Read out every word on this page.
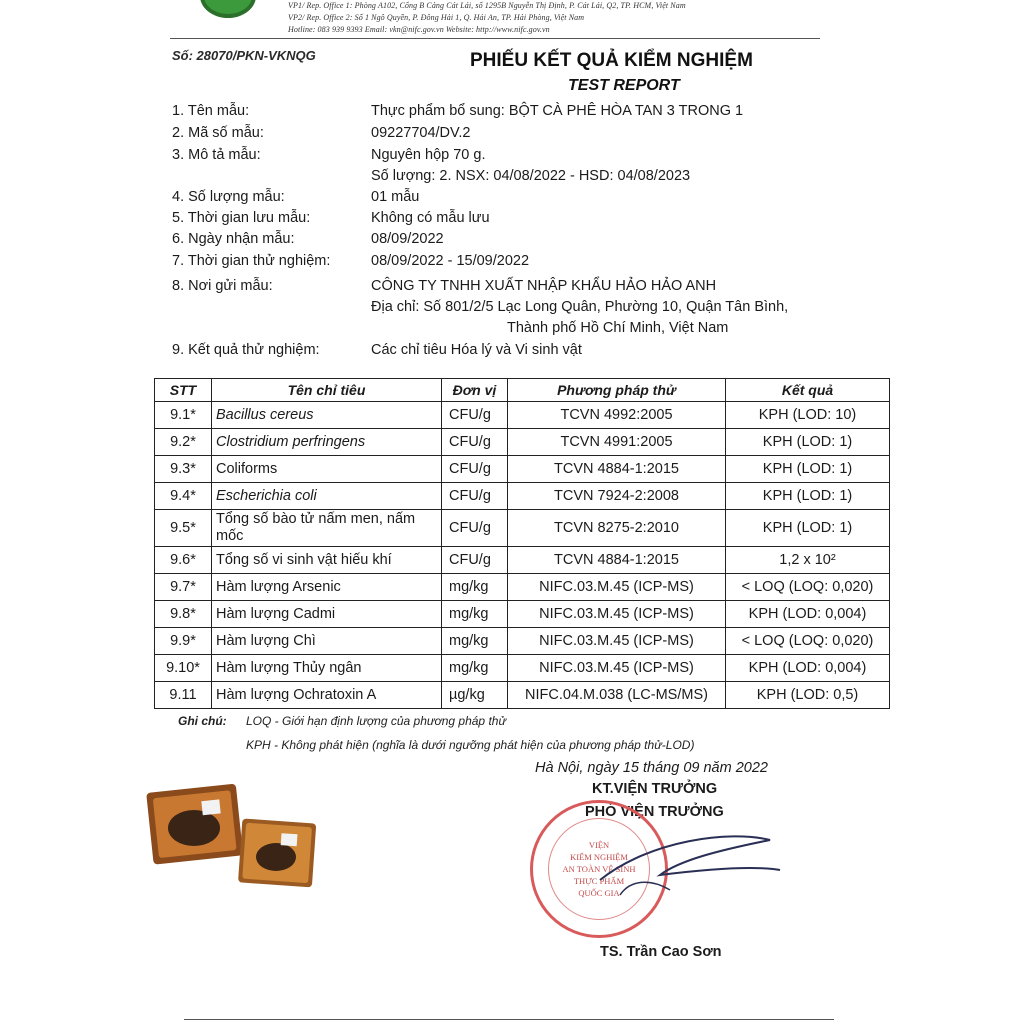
VP1/ Rep. Office 1: Phòng A102, Cổng B Cảng Cát Lái, số 1295B Nguyễn Thị Định, P. Cát Lái, Q2, TP. HCM, Việt Nam
VP2/ Rep. Office 2: Số 1 Ngô Quyền, P. Đông Hải 1, Q. Hải An, TP. Hải Phòng, Việt Nam
Hotline: 083 939 9393 Email: vkn@nifc.gov.vn Website: http://www.nifc.gov.vn
Số: 28070/PKN-VKNQG	PHIẾU KẾT QUẢ KIỂM NGHIỆM
TEST REPORT
1. Tên mẫu:	Thực phẩm bổ sung: BỘT CÀ PHÊ HÒA TAN 3 TRONG 1
2. Mã số mẫu:	09227704/DV.2
3. Mô tả mẫu:	Nguyên hộp 70 g.
Số lượng: 2. NSX: 04/08/2022 - HSD: 04/08/2023
4. Số lượng mẫu:	01 mẫu
5. Thời gian lưu mẫu:	Không có mẫu lưu
6. Ngày nhận mẫu:	08/09/2022
7. Thời gian thử nghiệm:	08/09/2022 - 15/09/2022
8. Nơi gửi mẫu:	CÔNG TY TNHH XUẤT NHẬP KHẨU HẢO HẢO ANH
Địa chỉ: Số 801/2/5 Lạc Long Quân, Phường 10, Quận Tân Bình,
Thành phố Hồ Chí Minh, Việt Nam
9. Kết quả thử nghiệm:	Các chỉ tiêu Hóa lý và Vi sinh vật
STT	Tên chỉ tiêu	Đơn vị	Phương pháp thử	Kết quả
9.1*	Bacillus cereus	CFU/g	TCVN 4992:2005	KPH (LOD: 10)
9.2*	Clostridium perfringens	CFU/g	TCVN 4991:2005	KPH (LOD: 1)
9.3*	Coliforms	CFU/g	TCVN 4884-1:2015	KPH (LOD: 1)
9.4*	Escherichia coli	CFU/g	TCVN 7924-2:2008	KPH (LOD: 1)
9.5*	Tổng số bào tử nấm men, nấm mốc	CFU/g	TCVN 8275-2:2010	KPH (LOD: 1)
9.6*	Tổng số vi sinh vật hiếu khí	CFU/g	TCVN 4884-1:2015	1,2 x 10²
9.7*	Hàm lượng Arsenic	mg/kg	NIFC.03.M.45 (ICP-MS)	< LOQ (LOQ: 0,020)
9.8*	Hàm lượng Cadmi	mg/kg	NIFC.03.M.45 (ICP-MS)	KPH (LOD: 0,004)
9.9*	Hàm lượng Chì	mg/kg	NIFC.03.M.45 (ICP-MS)	< LOQ (LOQ: 0,020)
9.10*	Hàm lượng Thủy ngân	mg/kg	NIFC.03.M.45 (ICP-MS)	KPH (LOD: 0,004)
9.11	Hàm lượng Ochratoxin A	µg/kg	NIFC.04.M.038 (LC-MS/MS)	KPH (LOD: 0,5)
Ghi chú: LOQ - Giới hạn định lượng của phương pháp thử
KPH - Không phát hiện (nghĩa là dưới ngưỡng phát hiện của phương pháp thử-LOD)
Hà Nội, ngày 15 tháng 09 năm 2022
KT.VIỆN TRƯỞNG
PHÓ VIỆN TRƯỞNG
VIỆN
KIỂM NGHIỆM
AN TOÀN VỆ SINH
THỰC PHẨM
QUỐC GIA
TS. Trần Cao Sơn
